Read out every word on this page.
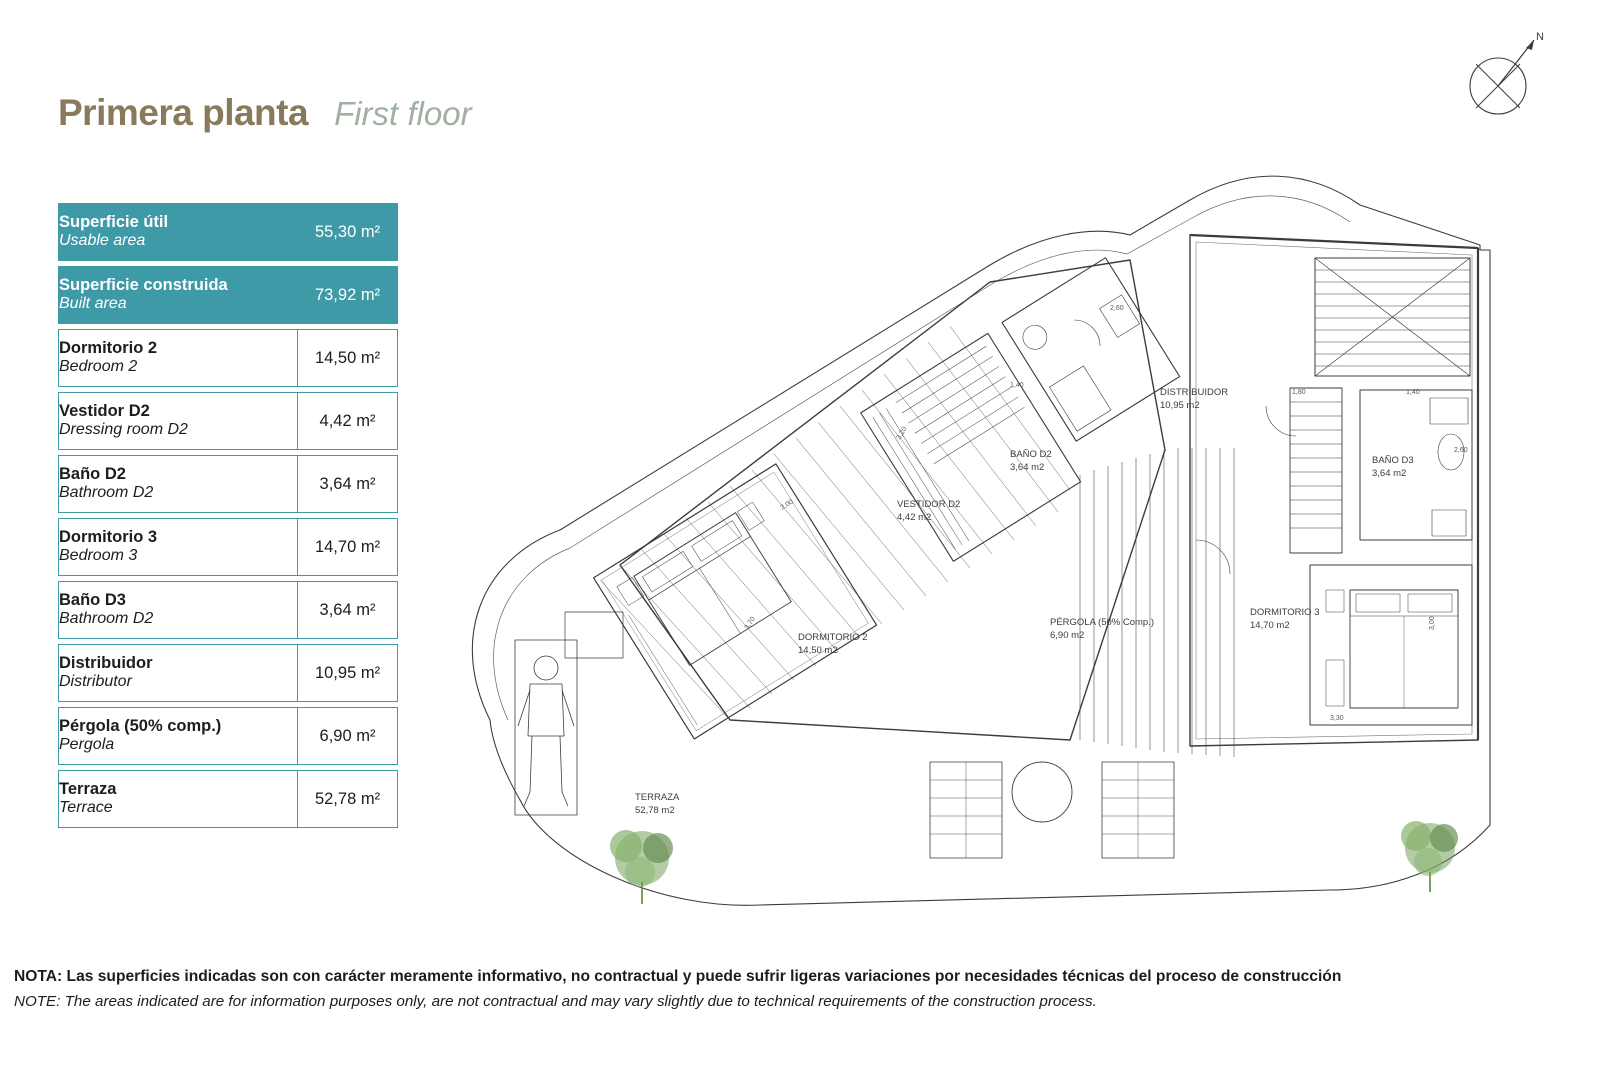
Primera planta First floor
N
Superficie útil
Usable area	55,30 m²

Superficie construida
Built area	73,92 m²

Dormitorio 2
Bedroom 2	14,50 m²

Vestidor D2
Dressing room D2	4,42 m²

Baño D2
Bathroom D2	3,64 m²

Dormitorio 3
Bedroom 3	14,70 m²

Baño D3
Bathroom D2	3,64 m²

Distribuidor
Distributor	10,95 m²

Pérgola (50% comp.)
Pergola	6,90 m²

Terraza
Terrace	52,78 m²
DISTRIBUIDOR
10,95 m2
BAÑO D2
3,64 m2
VESTIDOR D2
4,42 m2
BAÑO D3
3,64 m2
DORMITORIO 2
14,50 m2
DORMITORIO 3
14,70 m2
PÉRGOLA (50% Comp.)
6,90 m2
TERRAZA
52,78 m2
2,60
1,40
1,80	1,40
2,60
3,20
3,70
3,00
3,00
3,30
NOTA: Las superficies indicadas son con carácter meramente informativo, no contractual y puede sufrir ligeras variaciones por necesidades técnicas del proceso de construcción
NOTE: The areas indicated are for information purposes only, are not contractual and may vary slightly due to technical requirements of the construction process.
